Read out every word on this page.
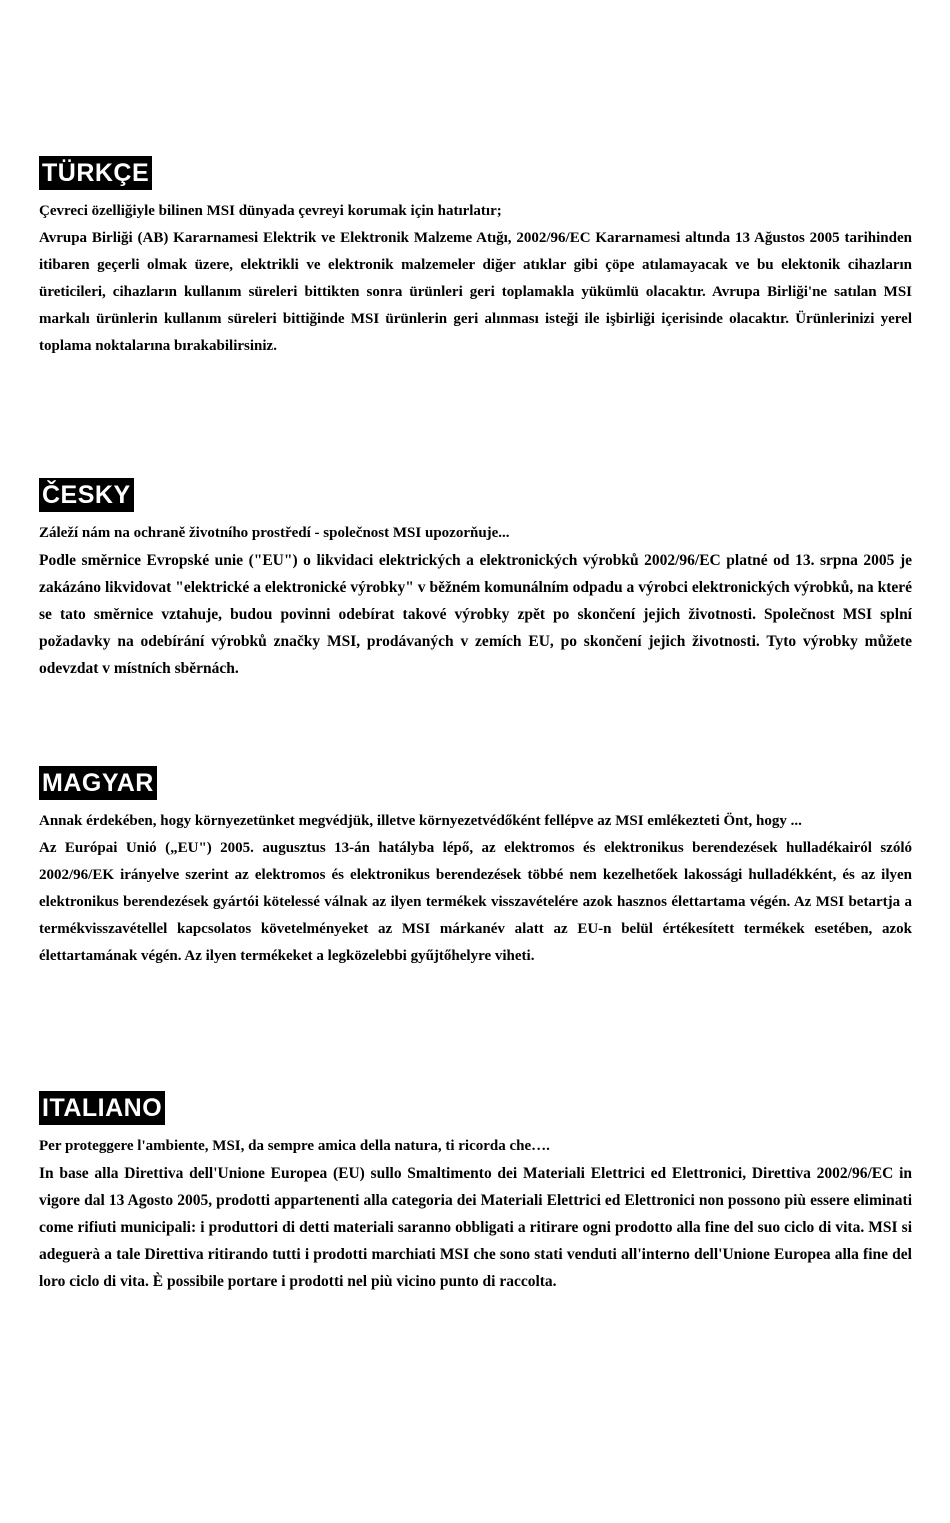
TÜRKÇE

Çevreci özelliğiyle bilinen MSI dünyada çevreyi korumak için hatırlatır;

Avrupa Birliği (AB) Kararnamesi Elektrik ve Elektronik Malzeme Atığı, 2002/96/EC Kararnamesi altında 13 Ağustos 2005 tarihinden itibaren geçerli olmak üzere, elektrikli ve elektronik malzemeler diğer atıklar gibi çöpe atılamayacak ve bu elektonik cihazların üreticileri, cihazların kullanım süreleri bittikten sonra ürünleri geri toplamakla yükümlü olacaktır. Avrupa Birliği'ne satılan MSI markalı ürünlerin kullanım süreleri bittiğinde MSI ürünlerin geri alınması isteği ile işbirliği içerisinde olacaktır. Ürünlerinizi yerel toplama noktalarına bırakabilirsiniz.

ČESKY

Záleží nám na ochraně životního prostředí - společnost MSI upozorňuje...

Podle směrnice Evropské unie ("EU") o likvidaci elektrických a elektronických výrobků 2002/96/EC platné od 13. srpna 2005 je zakázáno likvidovat "elektrické a elektronické výrobky" v běžném komunálním odpadu a výrobci elektronických výrobků, na které se tato směrnice vztahuje, budou povinni odebírat takové výrobky zpět po skončení jejich životnosti. Společnost MSI splní požadavky na odebírání výrobků značky MSI, prodávaných v zemích EU, po skončení jejich životnosti. Tyto výrobky můžete odevzdat v místních sběrnách.

MAGYAR

Annak érdekében, hogy környezetünket megvédjük, illetve környezetvédőként fellépve az MSI emlékezteti Önt, hogy ...

Az Európai Unió („EU") 2005. augusztus 13-án hatályba lépő, az elektromos és elektronikus berendezések hulladékairól szóló 2002/96/EK irányelve szerint az elektromos és elektronikus berendezések többé nem kezelhetőek lakossági hulladékként, és az ilyen elektronikus berendezések gyártói kötelessé válnak az ilyen termékek visszavételére azok hasznos élettartama végén. Az MSI betartja a termékvisszavétellel kapcsolatos követelményeket az MSI márkanév alatt az EU-n belül értékesített termékek esetében, azok élettartamának végén. Az ilyen termékeket a legközelebbi gyűjtőhelyre viheti.

ITALIANO

Per proteggere l'ambiente, MSI, da sempre amica della natura, ti ricorda che….

In base alla Direttiva dell'Unione Europea (EU) sullo Smaltimento dei Materiali Elettrici ed Elettronici, Direttiva 2002/96/EC in vigore dal 13 Agosto 2005, prodotti appartenenti alla categoria dei Materiali Elettrici ed Elettronici non possono più essere eliminati come rifiuti municipali: i produttori di detti materiali saranno obbligati a ritirare ogni prodotto alla fine del suo ciclo di vita. MSI si adeguerà a tale Direttiva ritirando tutti i prodotti marchiati MSI che sono stati venduti all'interno dell'Unione Europea alla fine del loro ciclo di vita. È possibile portare i prodotti nel più vicino punto di raccolta.
